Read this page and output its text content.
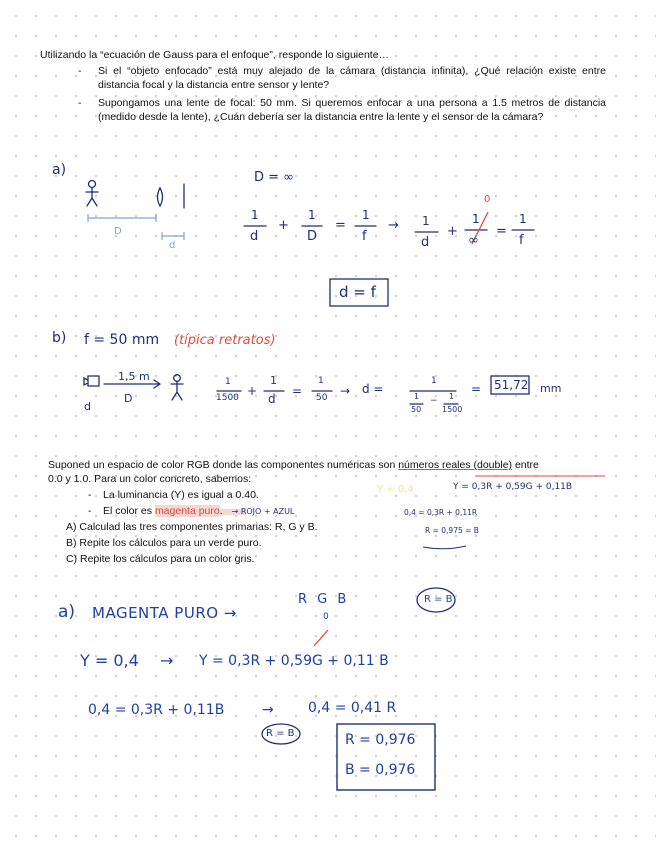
Utilizando la “ecuación de Gauss para el enfoque”, responde lo siguiente…
- Si el “objeto enfocado” está muy alejado de la cámara (distancia infinita), ¿Qué relación existe entre distancia focal y la distancia entre sensor y lente?
- Supongamos una lente de focal: 50 mm. Si queremos enfocar a una persona a 1.5 metros de distancia (medido desde la lente), ¿Cuán debería ser la distancia entre la lente y el sensor de la cámara?
a)
D
d
D = ∞
1
d
+
1
D
=
1
f
→ 1
d
+
1
∞
0
=
1
f
d = f
b) f = 50 mm (típica retratos)
1,5 m
D
d
1
1500 +
1
d
=
1
50 → d =
1
1
50
− 1
1500
= 51,72 mm
Suponed un espacio de color RGB donde las componentes numéricas son números reales (double) entre
0.0 y 1.0. Para un color concreto, sabemos:
- La luminancia (Y) es igual a 0.40.
- El color es magenta puro. → ROJO + AZUL
A) Calculad las tres componentes primarias: R, G y B.
B) Repite los cálculos para un verde puro.
C) Repite los cálculos para un color gris.
Y = 0,4	Y = 0,3R + 0,59G + 0,11B
0,4 = 0,3R + 0,11R
R = 0,975 = B
a) MAGENTA PURO →
R G B
0
R = B
Y = 0,4 → Y = 0,3R + 0,59G + 0,11 B
0,4 = 0,3R + 0,11B	→ 0,4 = 0,41 R
R = B	R = 0,976
B = 0,976
